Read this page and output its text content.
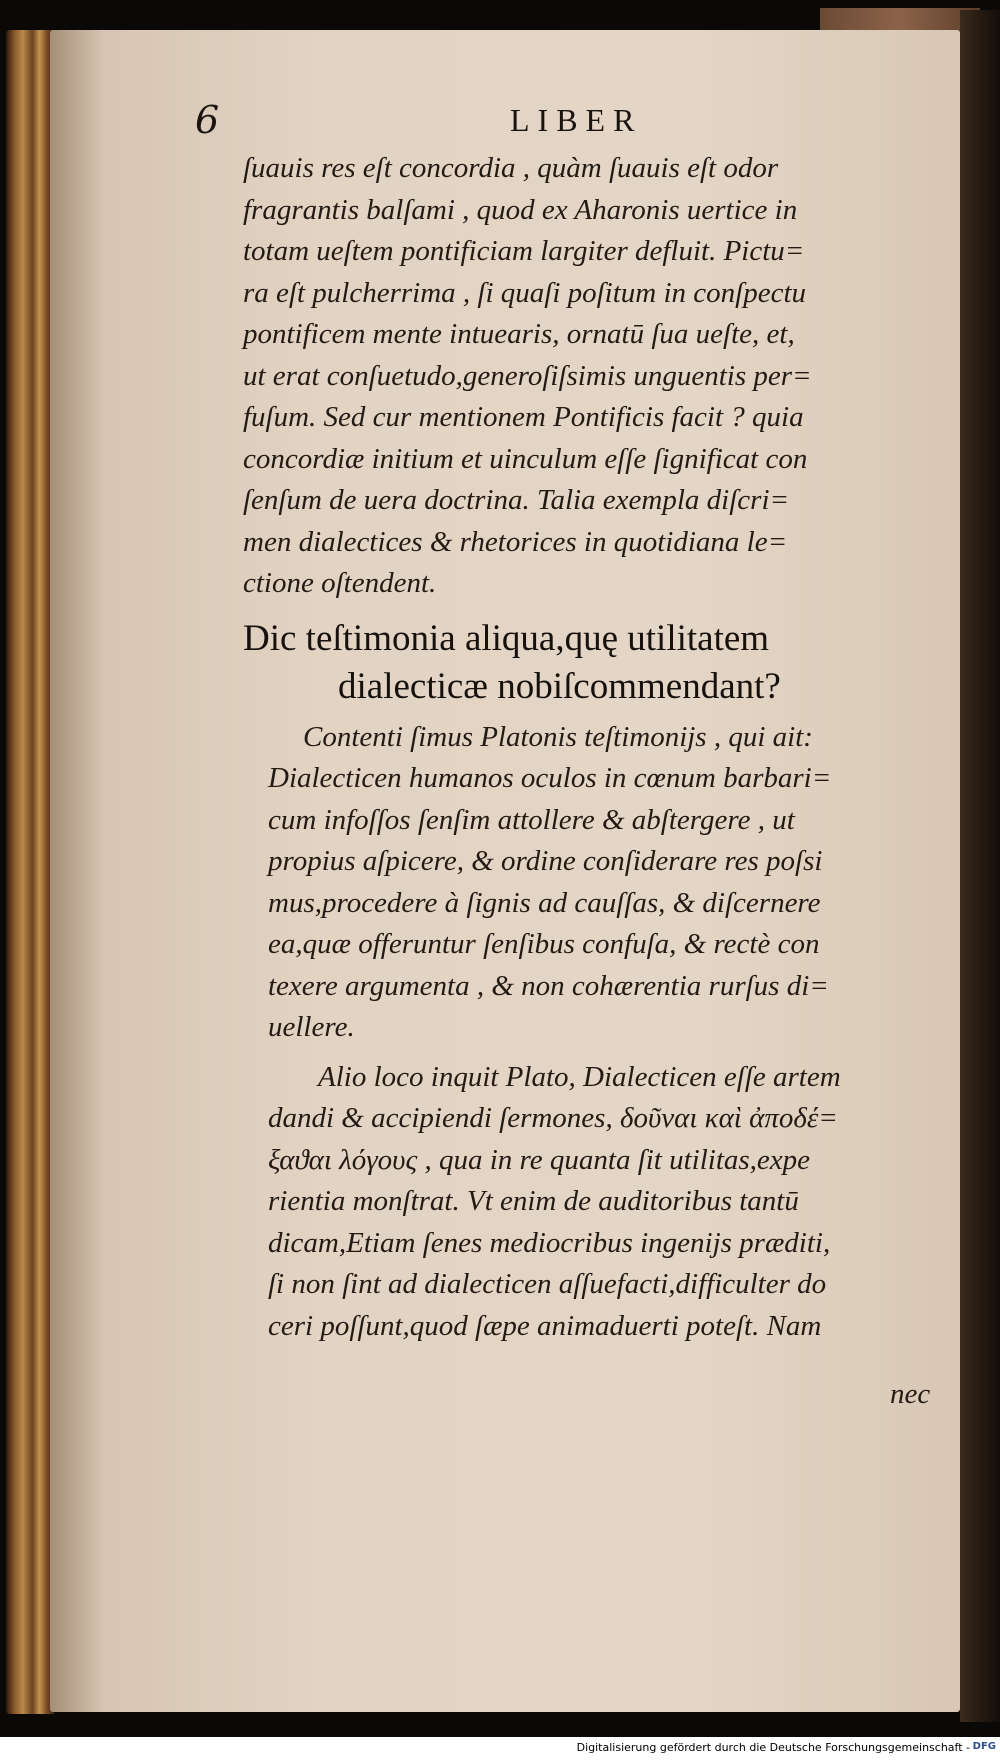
6	LIBER

ſuauis res eſt concordia , quàm ſuauis eſt odor
fragrantis balſami , quod ex Aharonis uertice in
totam ueſtem pontificiam largiter defluit. Pictu=
ra eſt pulcherrima , ſi quaſi poſitum in conſpectu
pontificem mente intuearis, ornatū ſua ueſte, et,
ut erat conſuetudo,generoſiſsimis unguentis per=
fuſum. Sed cur mentionem Pontificis facit ? quia
concordiæ initium et uinculum eſſe ſignificat con
ſenſum de uera doctrina. Talia exempla diſcri=
men dialectices & rhetorices in quotidiana le=
ctione oſtendent.

Dic teſtimonia aliqua,quę utilitatem
dialecticæ nobiſcommendant?

Contenti ſimus Platonis teſtimonijs , qui ait:
Dialecticen humanos oculos in cœnum barbari=
cum infoſſos ſenſim attollere & abſtergere , ut
propius aſpicere, & ordine conſiderare res poſsi
mus,procedere à ſignis ad cauſſas, & diſcernere
ea,quæ offeruntur ſenſibus confuſa, & rectè con
texere argumenta , & non cohærentia rurſus di=
uellere.

Alio loco inquit Plato, Dialecticen eſſe artem
dandi & accipiendi ſermones, δοῦναι καὶ ἀποδέ=
ξαϑαι λόγους , qua in re quanta ſit utilitas,expe
rientia monſtrat. Vt enim de auditoribus tantū
dicam,Etiam ſenes mediocribus ingenijs præditi,
ſi non ſint ad dialecticen aſſuefacti,difficulter do
ceri poſſunt,quod ſæpe animaduerti poteſt. Nam

nec
Digitalisierung gefördert durch die Deutsche Forschungsgemeinschaft - DFG
